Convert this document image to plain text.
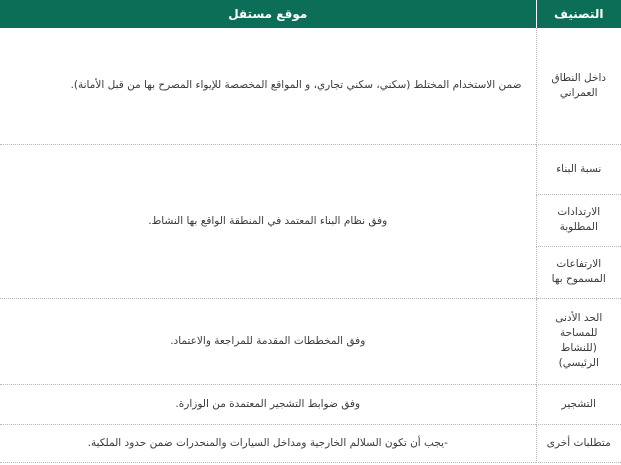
التصنيف	موقع مستقل
داخل النطاق العمراني	ضمن الاستخدام المختلط (سكني، سكني تجاري، و المواقع المخصصة للإيواء المصرح بها من قبل الأمانة).
نسبة البناء	وفق نظام البناء المعتمد في المنطقة الواقع بها النشاط.
الارتدادات المطلوبة	
الارتفاعات المسموح بها	
الحد الأدنى للمساحة (للنشاط الرئيسي)	وفق المخططات المقدمة للمراجعة والاعتماد.
التشجير	وفق ضوابط التشجير المعتمدة من الوزارة.
متطلبات أخرى	-يجب أن تكون السلالم الخارجية ومداخل السيارات والمنحدرات ضمن حدود الملكية.
